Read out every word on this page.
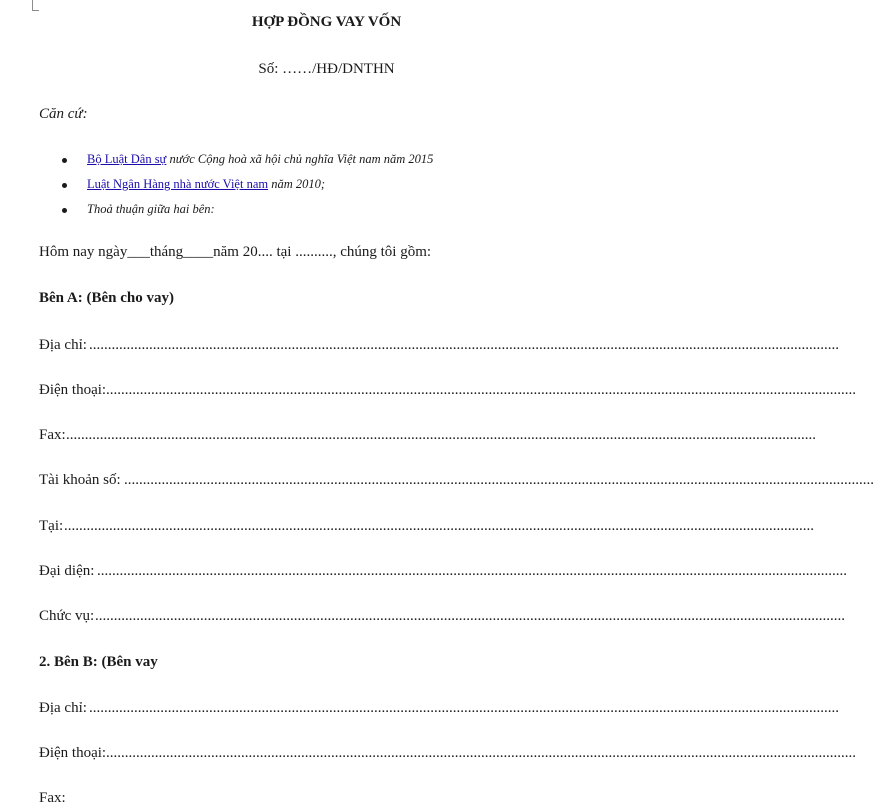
HỢP ĐỒNG VAY VỐN
Số: ……/HĐ/DNTHN
Căn cứ:
Bộ Luật Dân sự nước Cộng hoà xã hội chủ nghĩa Việt nam năm 2015
Luật Ngân Hàng nhà nước Việt nam năm 2010;
Thoả thuận giữa hai bên:
Hôm nay ngày___tháng____năm 20.... tại .........., chúng tôi gồm:
Bên A: (Bên cho vay)
Địa chỉ: ........................................................................................................................................................................................................
Điện thoại: ........................................................................................................................................................................................................
Fax: ........................................................................................................................................................................................................
Tài khoản số: ........................................................................................................................................................................................................
Tại: ........................................................................................................................................................................................................
Đại diện: ........................................................................................................................................................................................................
Chức vụ: ........................................................................................................................................................................................................
2. Bên B: (Bên vay
Địa chỉ: ........................................................................................................................................................................................................
Điện thoại: ........................................................................................................................................................................................................
Fax:
